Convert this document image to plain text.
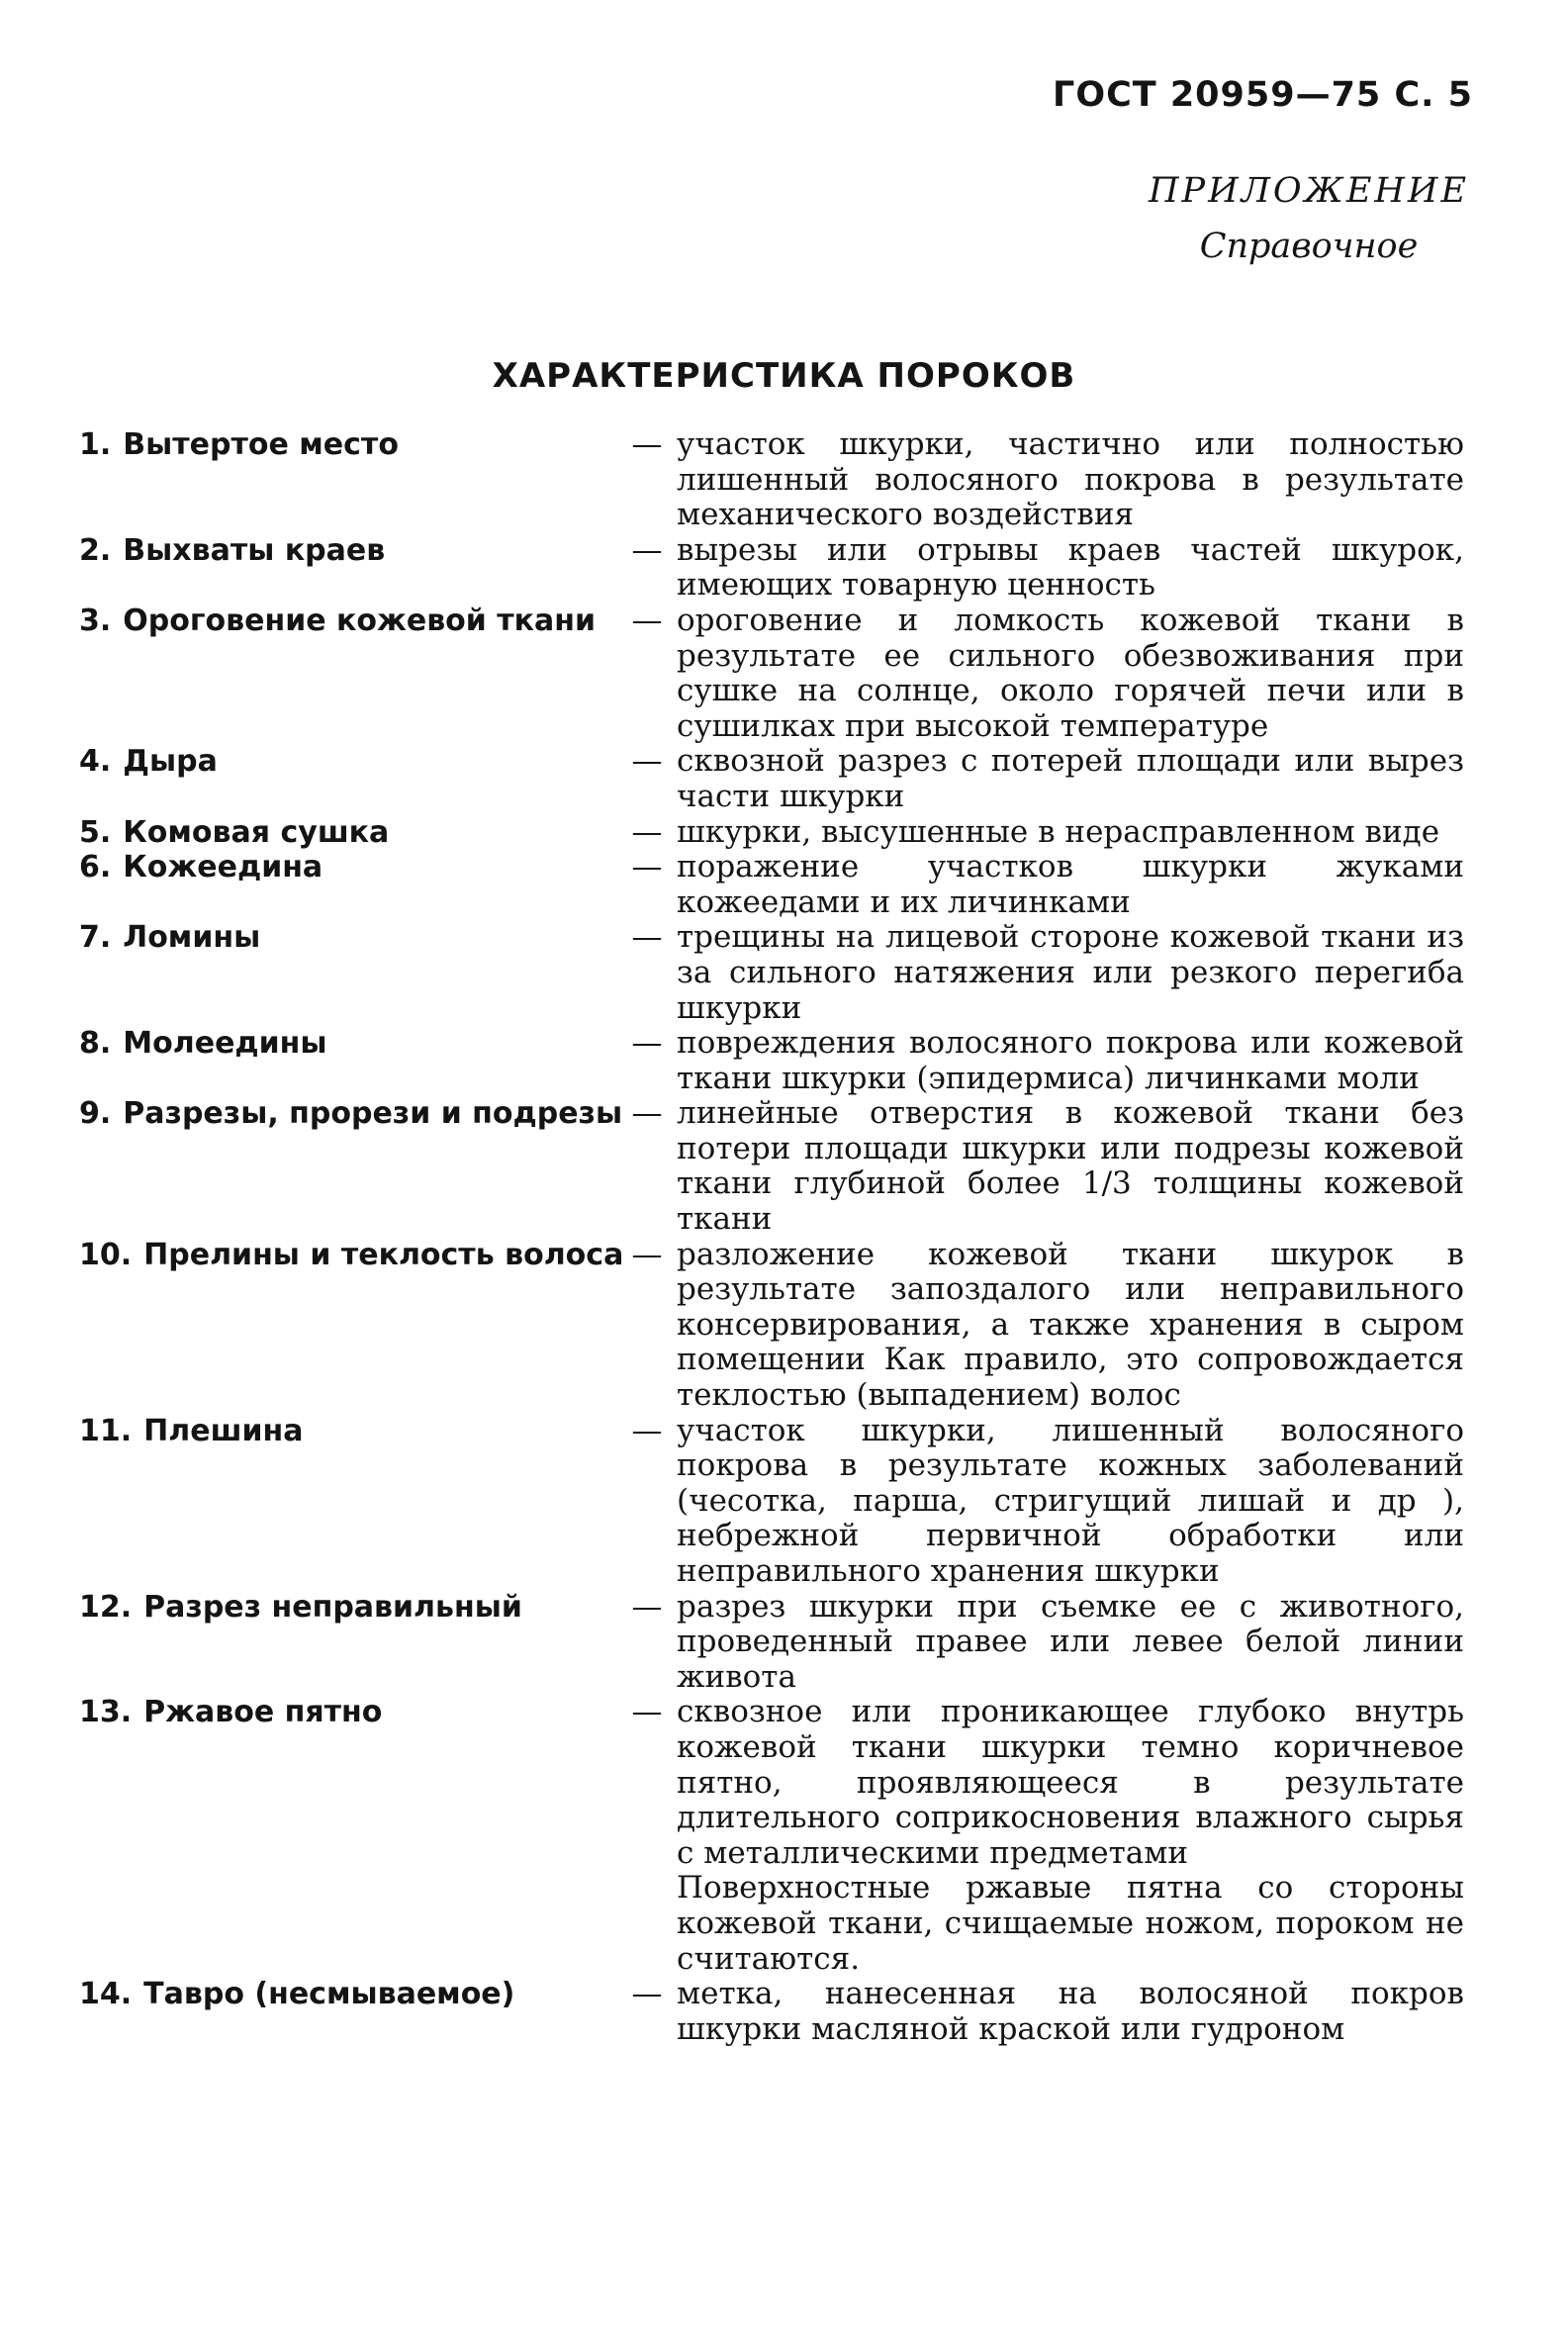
ГОСТ 20959—75 С. 5
ПРИЛОЖЕНИЕ
Справочное
ХАРАКТЕРИСТИКА ПОРОКОВ
1. Вытертое место	— участок шкурки, частично или полностью лишенный волосяного покрова в результате механического воздействия

2. Выхваты краев	— вырезы или отрывы краев частей шкурок, имеющих товарную ценность

3. Ороговение кожевой ткани	— ороговение и ломкость кожевой ткани в результате ее сильного обезвоживания при сушке на солнце, около горячей печи или в сушилках при высокой температуре

4. Дыра	— сквозной разрез с потерей площади или вырез части шкурки

5. Комовая сушка	— шкурки, высушенные в нерасправленном виде

6. Кожеедина	— поражение участков шкурки жуками кожеедами и их личинками

7. Ломины	— трещины на лицевой стороне кожевой ткани из за сильного натяжения или резкого перегиба шкурки

8. Молеедины	— повреждения волосяного покрова или кожевой ткани шкурки (эпидермиса) личинками моли

9. Разрезы, прорези и подрезы — линейные отверстия в кожевой ткани без потери площади шкурки или подрезы кожевой ткани глубиной более 1/3 толщины кожевой ткани

10. Прелины и теклость волоса — разложение кожевой ткани шкурок в результате запоздалого или неправильного консервирования, а также хранения в сыром помещении Как правило, это сопровождается теклостью (выпадением) волос

11. Плешина	— участок шкурки, лишенный волосяного покрова в результате кожных заболеваний (чесотка, парша, стригущий лишай и др ), небрежной первичной обработки или неправильного хранения шкурки

12. Разрез неправильный	— разрез шкурки при съемке ее с животного, проведенный правее или левее белой линии живота

13. Ржавое пятно	— сквозное или проникающее глубоко внутрь кожевой ткани шкурки темно коричневое пятно, проявляющееся в результате длительного соприкосновения влажного сырья с металлическими предметами

Поверхностные ржавые пятна со стороны кожевой ткани, счищаемые ножом, пороком не считаются.

14. Тавро (несмываемое)	— метка, нанесенная на волосяной покров шкурки масляной краской или гудроном
